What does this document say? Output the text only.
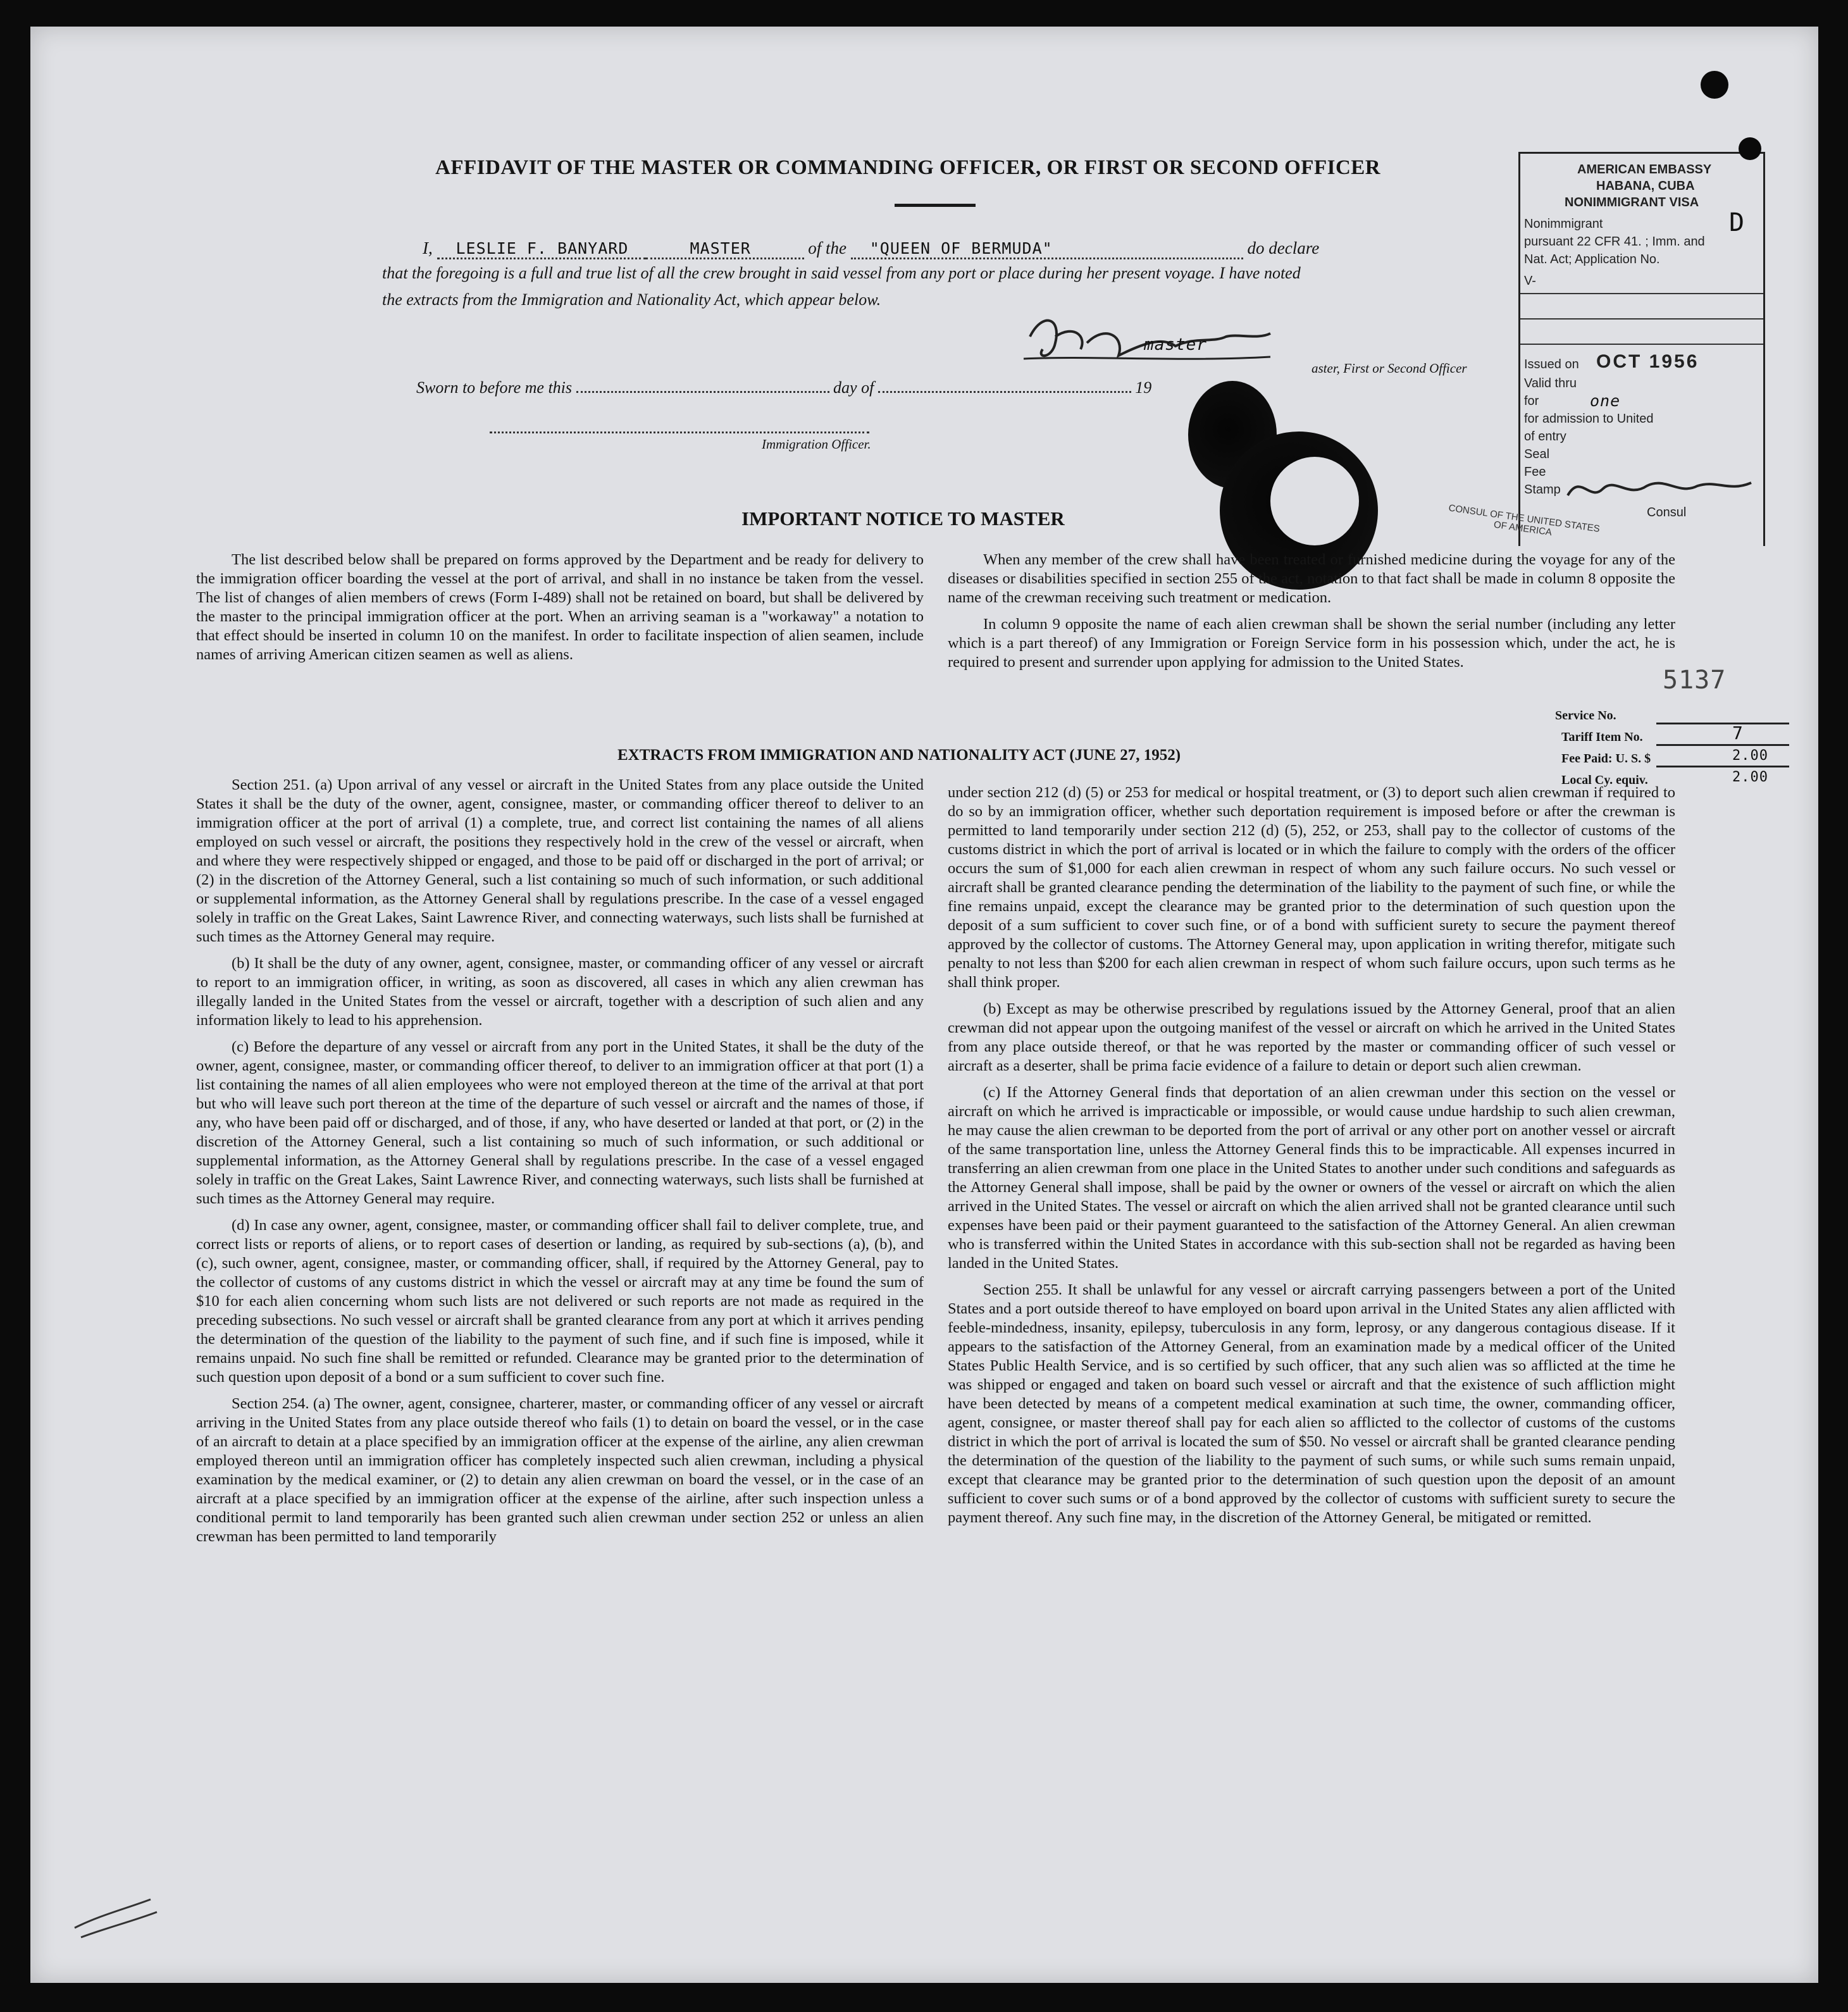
AFFIDAVIT OF THE MASTER OR COMMANDING OFFICER, OR FIRST OR SECOND OFFICER
I, LESLIE F. BANYARD	MASTER	of the "QUEEN OF BERMUDA"	do declare
that the foregoing is a full and true list of all the crew brought in said vessel from any port or place during her present voyage. I have noted
the extracts from the Immigration and Nationality Act, which appear below.
master
aster, First or Second Officer
Sworn to before me this	day of	19
Immigration Officer.
AMERICAN EMBASSY
HABANA, CUBA
NONIMMIGRANT VISA
Nonimmigrant	D
pursuant 22 CFR 41. ; Imm. and
Nat. Act; Application No.
V-
Issued on OCT 1956
Valid thru
for	one
for admission to United
of entry
Seal
Fee
Stamp
Consul
CONSUL OF THE UNITED STATES OF AMERICA
5137
Service No.
Tariff Item No.	7
Fee Paid: U. S. $	2.00
Local Cy. equiv.	2.00
IMPORTANT NOTICE TO MASTER

The list described below shall be prepared on forms approved by the Department and be ready for delivery to the immigration officer boarding the vessel at the port of arrival, and shall in no instance be taken from the vessel. The list of changes of alien members of crews (Form I-489) shall not be retained on board, but shall be delivered by the master to the principal immigration officer at the port. When an arriving seaman is a "workaway" a notation to that effect should be inserted in column 10 on the manifest. In order to facilitate inspection of alien seamen, include names of arriving American citizen seamen as well as aliens.

When any member of the crew shall have been treated or furnished medicine during the voyage for any of the diseases or disabilities specified in section 255 of the act, notation to that fact shall be made in column 8 opposite the name of the crewman receiving such treatment or medication.

In column 9 opposite the name of each alien crewman shall be shown the serial number (including any letter which is a part thereof) of any Immigration or Foreign Service form in his possession which, under the act, he is required to present and surrender upon applying for admission to the United States.

EXTRACTS FROM IMMIGRATION AND NATIONALITY ACT (JUNE 27, 1952)

Section 251. (a) Upon arrival of any vessel or aircraft in the United States from any place outside the United States it shall be the duty of the owner, agent, consignee, master, or commanding officer thereof to deliver to an immigration officer at the port of arrival (1) a complete, true, and correct list containing the names of all aliens employed on such vessel or aircraft, the positions they respectively hold in the crew of the vessel or aircraft, when and where they were respectively shipped or engaged, and those to be paid off or discharged in the port of arrival; or (2) in the discretion of the Attorney General, such a list containing so much of such information, or such additional or supplemental information, as the Attorney General shall by regulations prescribe. In the case of a vessel engaged solely in traffic on the Great Lakes, Saint Lawrence River, and connecting waterways, such lists shall be furnished at such times as the Attorney General may require.

(b) It shall be the duty of any owner, agent, consignee, master, or commanding officer of any vessel or aircraft to report to an immigration officer, in writing, as soon as discovered, all cases in which any alien crewman has illegally landed in the United States from the vessel or aircraft, together with a description of such alien and any information likely to lead to his apprehension.

(c) Before the departure of any vessel or aircraft from any port in the United States, it shall be the duty of the owner, agent, consignee, master, or commanding officer thereof, to deliver to an immigration officer at that port (1) a list containing the names of all alien employees who were not employed thereon at the time of the arrival at that port but who will leave such port thereon at the time of the departure of such vessel or aircraft and the names of those, if any, who have been paid off or discharged, and of those, if any, who have deserted or landed at that port, or (2) in the discretion of the Attorney General, such a list containing so much of such information, or such additional or supplemental information, as the Attorney General shall by regulations prescribe. In the case of a vessel engaged solely in traffic on the Great Lakes, Saint Lawrence River, and connecting waterways, such lists shall be furnished at such times as the Attorney General may require.

(d) In case any owner, agent, consignee, master, or commanding officer shall fail to deliver complete, true, and correct lists or reports of aliens, or to report cases of desertion or landing, as required by sub-sections (a), (b), and (c), such owner, agent, consignee, master, or commanding officer, shall, if required by the Attorney General, pay to the collector of customs of any customs district in which the vessel or aircraft may at any time be found the sum of $10 for each alien concerning whom such lists are not delivered or such reports are not made as required in the preceding subsections. No such vessel or aircraft shall be granted clearance from any port at which it arrives pending the determination of the question of the liability to the payment of such fine, and if such fine is imposed, while it remains unpaid. No such fine shall be remitted or refunded. Clearance may be granted prior to the determination of such question upon deposit of a bond or a sum sufficient to cover such fine.

Section 254. (a) The owner, agent, consignee, charterer, master, or commanding officer of any vessel or aircraft arriving in the United States from any place outside thereof who fails (1) to detain on board the vessel, or in the case of an aircraft to detain at a place specified by an immigration officer at the expense of the airline, any alien crewman employed thereon until an immigration officer has completely inspected such alien crewman, including a physical examination by the medical examiner, or (2) to detain any alien crewman on board the vessel, or in the case of an aircraft at a place specified by an immigration officer at the expense of the airline, after such inspection unless a conditional permit to land temporarily has been granted such alien crewman under section 252 or unless an alien crewman has been permitted to land temporarily

under section 212 (d) (5) or 253 for medical or hospital treatment, or (3) to deport such alien crewman if required to do so by an immigration officer, whether such deportation requirement is imposed before or after the crewman is permitted to land temporarily under section 212 (d) (5), 252, or 253, shall pay to the collector of customs of the customs district in which the port of arrival is located or in which the failure to comply with the orders of the officer occurs the sum of $1,000 for each alien crewman in respect of whom any such failure occurs. No such vessel or aircraft shall be granted clearance pending the determination of the liability to the payment of such fine, or while the fine remains unpaid, except the clearance may be granted prior to the determination of such question upon the deposit of a sum sufficient to cover such fine, or of a bond with sufficient surety to secure the payment thereof approved by the collector of customs. The Attorney General may, upon application in writing therefor, mitigate such penalty to not less than $200 for each alien crewman in respect of whom such failure occurs, upon such terms as he shall think proper.

(b) Except as may be otherwise prescribed by regulations issued by the Attorney General, proof that an alien crewman did not appear upon the outgoing manifest of the vessel or aircraft on which he arrived in the United States from any place outside thereof, or that he was reported by the master or commanding officer of such vessel or aircraft as a deserter, shall be prima facie evidence of a failure to detain or deport such alien crewman.

(c) If the Attorney General finds that deportation of an alien crewman under this section on the vessel or aircraft on which he arrived is impracticable or impossible, or would cause undue hardship to such alien crewman, he may cause the alien crewman to be deported from the port of arrival or any other port on another vessel or aircraft of the same transportation line, unless the Attorney General finds this to be impracticable. All expenses incurred in transferring an alien crewman from one place in the United States to another under such conditions and safeguards as the Attorney General shall impose, shall be paid by the owner or owners of the vessel or aircraft on which the alien arrived in the United States. The vessel or aircraft on which the alien arrived shall not be granted clearance until such expenses have been paid or their payment guaranteed to the satisfaction of the Attorney General. An alien crewman who is transferred within the United States in accordance with this sub-section shall not be regarded as having been landed in the United States.

Section 255. It shall be unlawful for any vessel or aircraft carrying passengers between a port of the United States and a port outside thereof to have employed on board upon arrival in the United States any alien afflicted with feeble-mindedness, insanity, epilepsy, tuberculosis in any form, leprosy, or any dangerous contagious disease. If it appears to the satisfaction of the Attorney General, from an examination made by a medical officer of the United States Public Health Service, and is so certified by such officer, that any such alien was so afflicted at the time he was shipped or engaged and taken on board such vessel or aircraft and that the existence of such affliction might have been detected by means of a competent medical examination at such time, the owner, commanding officer, agent, consignee, or master thereof shall pay for each alien so afflicted to the collector of customs of the customs district in which the port of arrival is located the sum of $50. No vessel or aircraft shall be granted clearance pending the determination of the question of the liability to the payment of such sums, or while such sums remain unpaid, except that clearance may be granted prior to the determination of such question upon the deposit of an amount sufficient to cover such sums or of a bond approved by the collector of customs with sufficient surety to secure the payment thereof. Any such fine may, in the discretion of the Attorney General, be mitigated or remitted.
